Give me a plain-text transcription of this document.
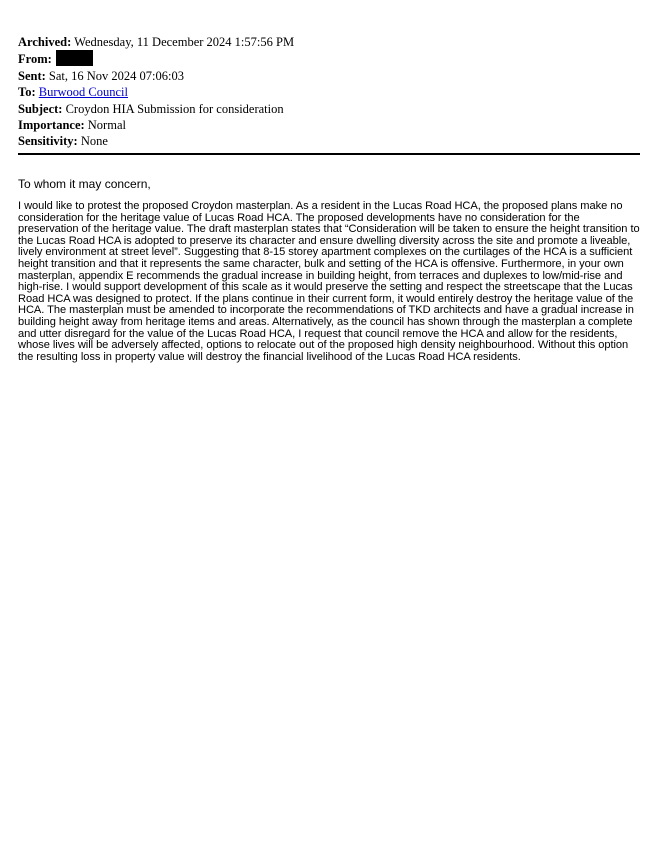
Archived: Wednesday, 11 December 2024 1:57:56 PM
From:
Sent: Sat, 16 Nov 2024 07:06:03
To: Burwood Council
Subject: Croydon HIA Submission for consideration
Importance: Normal
Sensitivity: None

To whom it may concern,

I would like to protest the proposed Croydon masterplan. As a resident in the Lucas Road HCA, the proposed plans make no consideration for the heritage value of Lucas Road HCA. The proposed developments have no consideration for the preservation of the heritage value. The draft masterplan states that “Consideration will be taken to ensure the height transition to the Lucas Road HCA is adopted to preserve its character and ensure dwelling diversity across the site and promote a liveable, lively environment at street level”. Suggesting that 8-15 storey apartment complexes on the curtilages of the HCA is a sufficient height transition and that it represents the same character, bulk and setting of the HCA is offensive. Furthermore, in your own masterplan, appendix E recommends the gradual increase in building height, from terraces and duplexes to low/mid-rise and high-rise. I would support development of this scale as it would preserve the setting and respect the streetscape that the Lucas Road HCA was designed to protect. If the plans continue in their current form, it would entirely destroy the heritage value of the HCA. The masterplan must be amended to incorporate the recommendations of TKD architects and have a gradual increase in building height away from heritage items and areas. Alternatively, as the council has shown through the masterplan a complete and utter disregard for the value of the Lucas Road HCA, I request that council remove the HCA and allow for the residents, whose lives will be adversely affected, options to relocate out of the proposed high density neighbourhood. Without this option the resulting loss in property value will destroy the financial livelihood of the Lucas Road HCA residents.
